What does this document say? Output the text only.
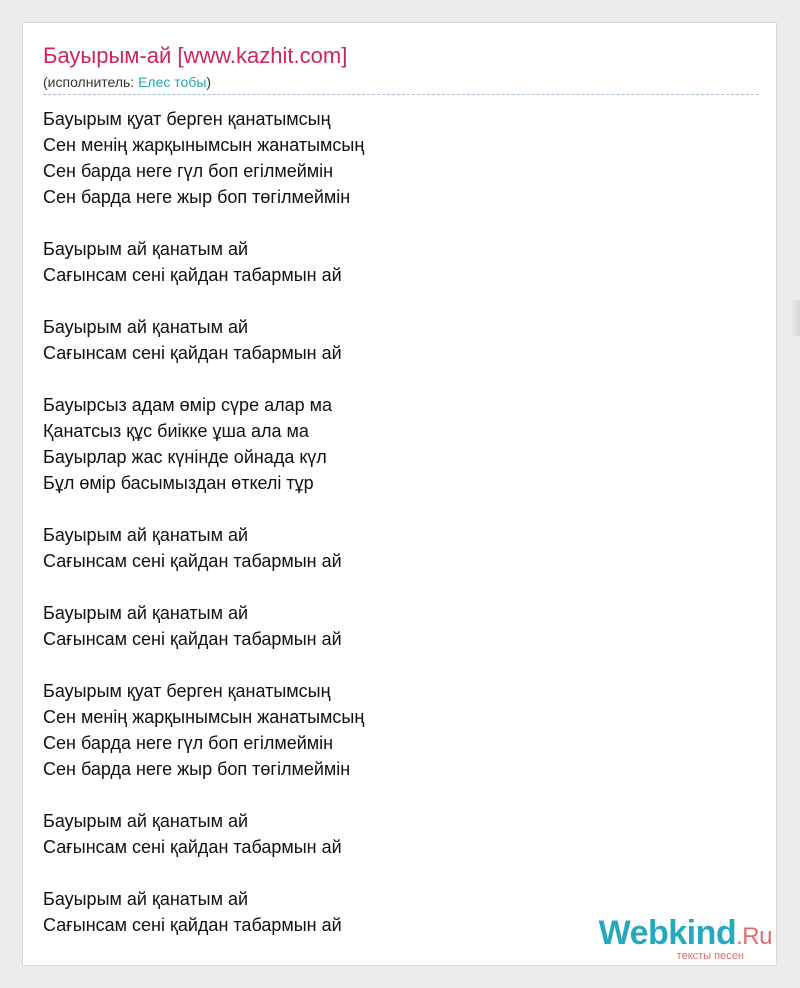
Бауырым-ай [www.kazhit.com]
(исполнитель: Елес тобы)
Бауырым қуат берген қанатымсың
Сен менің жарқынымсын жанатымсың
Сен барда неге гүл боп егілмеймін
Сен барда неге жыр боп төгілмеймін
Бауырым ай қанатым ай
Сағынсам сені қайдан табармын ай
Бауырым ай қанатым ай
Сағынсам сені қайдан табармын ай
Бауырсыз адам өмір сүре алар ма
Қанатсыз құс биікке ұша ала ма
Бауырлар жас күнінде ойнада күл
Бұл өмір басымыздан өткелі тұр
Бауырым ай қанатым ай
Сағынсам сені қайдан табармын ай
Бауырым ай қанатым ай
Сағынсам сені қайдан табармын ай
Бауырым қуат берген қанатымсың
Сен менің жарқынымсын жанатымсың
Сен барда неге гүл боп егілмеймін
Сен барда неге жыр боп төгілмеймін
Бауырым ай қанатым ай
Сағынсам сені қайдан табармын ай
Бауырым ай қанатым ай
Сағынсам сені қайдан табармын ай	Webkind.Ru
тексты песен
